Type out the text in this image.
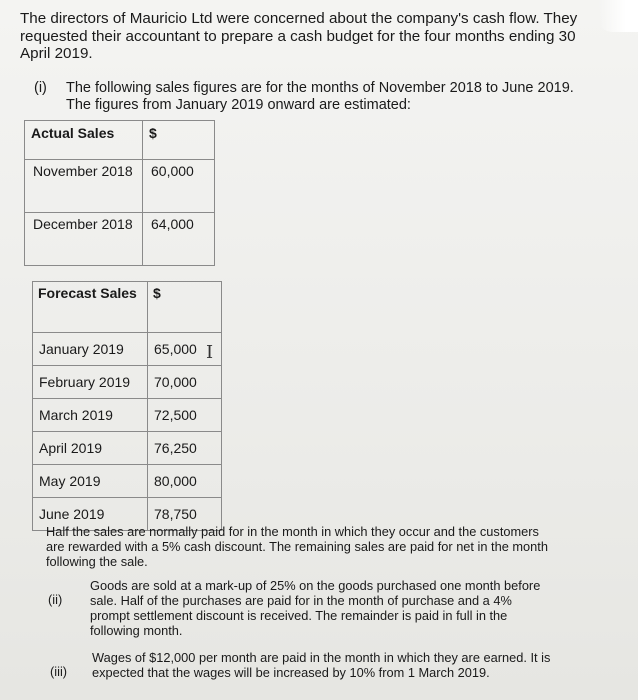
The directors of Mauricio Ltd were concerned about the company's cash flow. They requested their accountant to prepare a cash budget for the four months ending 30 April 2019.
(i) The following sales figures are for the months of November 2018 to June 2019. The figures from January 2019 onward are estimated:
Actual Sales	$
November 2018	60,000
December 2018	64,000
Forecast Sales	$
January 2019	65,000
February 2019	70,000
March 2019	72,500
April 2019	76,250
May 2019	80,000
June 2019	78,750
I
Half the sales are normally paid for in the month in which they occur and the customers are rewarded with a 5% cash discount. The remaining sales are paid for net in the month following the sale.
(ii)
Goods are sold at a mark-up of 25% on the goods purchased one month before sale. Half of the purchases are paid for in the month of purchase and a 4% prompt settlement discount is received. The remainder is paid in full in the following month.
(iii)
Wages of $12,000 per month are paid in the month in which they are earned. It is expected that the wages will be increased by 10% from 1 March 2019.
